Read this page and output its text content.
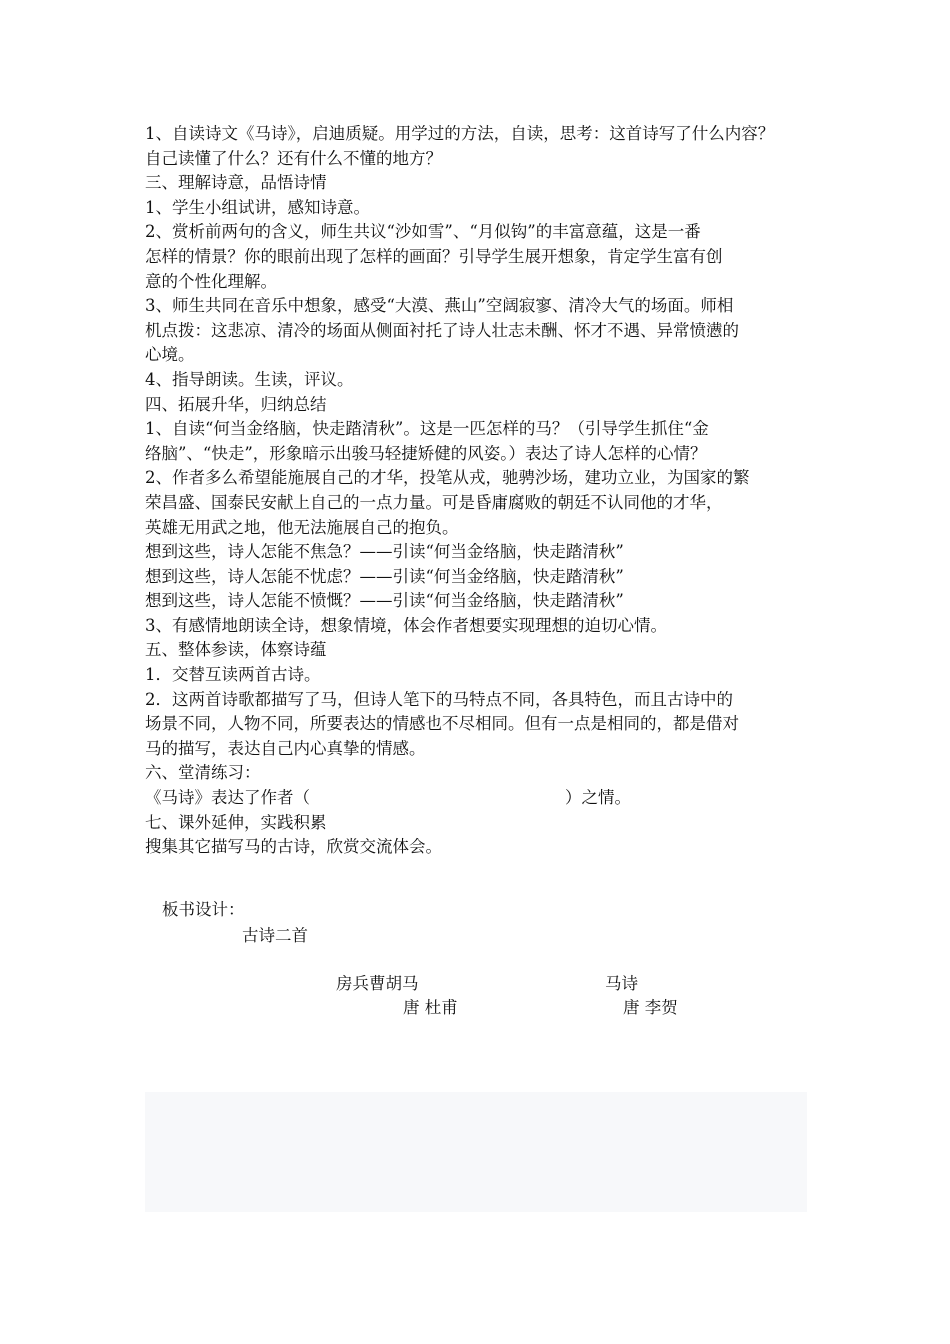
1、自读诗文《马诗》，启迪质疑。用学过的方法，自读，思考：这首诗写了什么内容？

自己读懂了什么？还有什么不懂的地方？

三、理解诗意，品悟诗情

1、学生小组试讲，感知诗意。

2、赏析前两句的含义，师生共议“沙如雪”、“月似钩”的丰富意蕴，这是一番

怎样的情景？你的眼前出现了怎样的画面？引导学生展开想象，肯定学生富有创

意的个性化理解。

3、师生共同在音乐中想象，感受“大漠、燕山”空阔寂寥、清冷大气的场面。师相

机点拨：这悲凉、清冷的场面从侧面衬托了诗人壮志未酬、怀才不遇、异常愤懑的

心境。

4、指导朗读。生读，评议。

四、拓展升华，归纳总结

1、自读“何当金络脑，快走踏清秋”。这是一匹怎样的马？（引导学生抓住“金

络脑”、“快走”，形象暗示出骏马轻捷矫健的风姿。）表达了诗人怎样的心情？

2、作者多么希望能施展自己的才华，投笔从戎，驰骋沙场，建功立业，为国家的繁

荣昌盛、国泰民安献上自己的一点力量。可是昏庸腐败的朝廷不认同他的才华，

英雄无用武之地，他无法施展自己的抱负。

想到这些，诗人怎能不焦急？——引读“何当金络脑，快走踏清秋”

想到这些，诗人怎能不忧虑？——引读“何当金络脑，快走踏清秋”

想到这些，诗人怎能不愤慨？——引读“何当金络脑，快走踏清秋”

3、有感情地朗读全诗，想象情境，体会作者想要实现理想的迫切心情。

五、整体参读，体察诗蕴

1．交替互读两首古诗。

2．这两首诗歌都描写了马，但诗人笔下的马特点不同，各具特色，而且古诗中的

场景不同，人物不同，所要表达的情感也不尽相同。但有一点是相同的，都是借对

马的描写，表达自己内心真挚的情感。

六、堂清练习：

《马诗》表达了作者（	）之情。

七、课外延伸，实践积累

搜集其它描写马的古诗，欣赏交流体会。

板书设计：
古诗二首
房兵曹胡马
唐 杜甫
马诗
唐 李贺
